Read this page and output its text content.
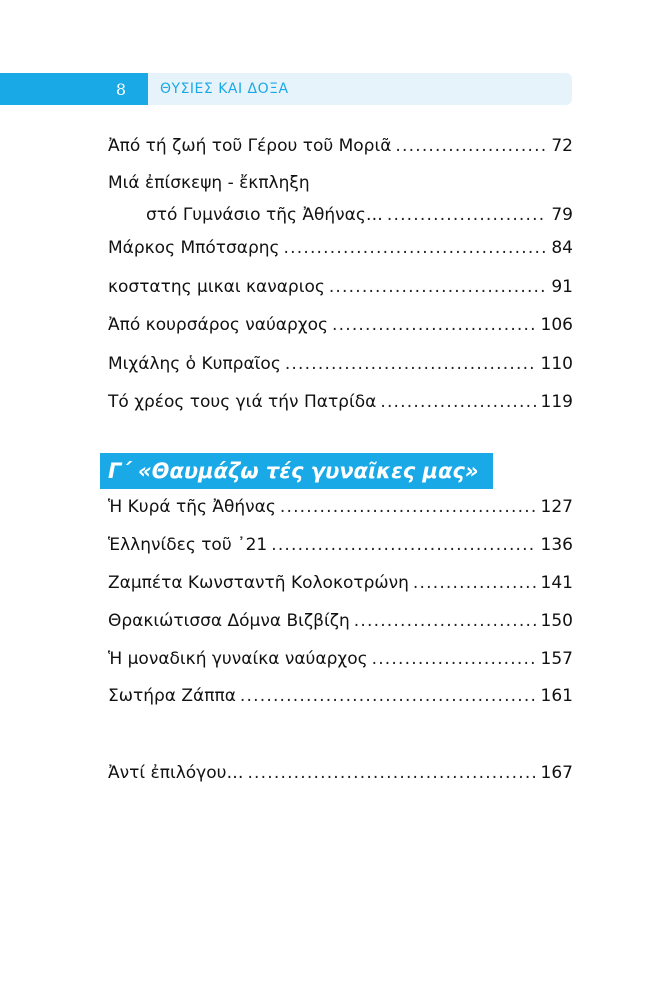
8	ΘΥΣΙΕΣ ΚΑΙ ΔΟΞΑ
Ἀπό τή ζωή τοῦ Γέρου τοῦ Μοριᾶ .....	72
Μιά ἐπίσκεψη - ἔκπληξη
στό Γυμνάσιο τῆς Ἀθήνας… .....	79
Μάρκος Μπότσαρης .....	84
κοστατης μικαι καναριος .....	91
Ἀπό κουρσάρος ναύαρχος .....	106
Μιχάλης ὁ Κυπραῖος .....	110
Τό χρέος τους γιά τήν Πατρίδα .....	119
Γ΄ «Θαυμάζω τές γυναῖκες μας»
Ἡ Κυρά τῆς Ἀθήνας .....	127
Ἑλληνίδες τοῦ ᾽21 .....	136
Ζαμπέτα Κωνσταντῆ Κολοκοτρώνη .....	141
Θρακιώτισσα Δόμνα Βιζβίζη .....	150
Ἡ μοναδική γυναίκα ναύαρχος .....	157
Σωτήρα Ζάππα .....	161
Ἀντί ἐπιλόγου… .....	167
